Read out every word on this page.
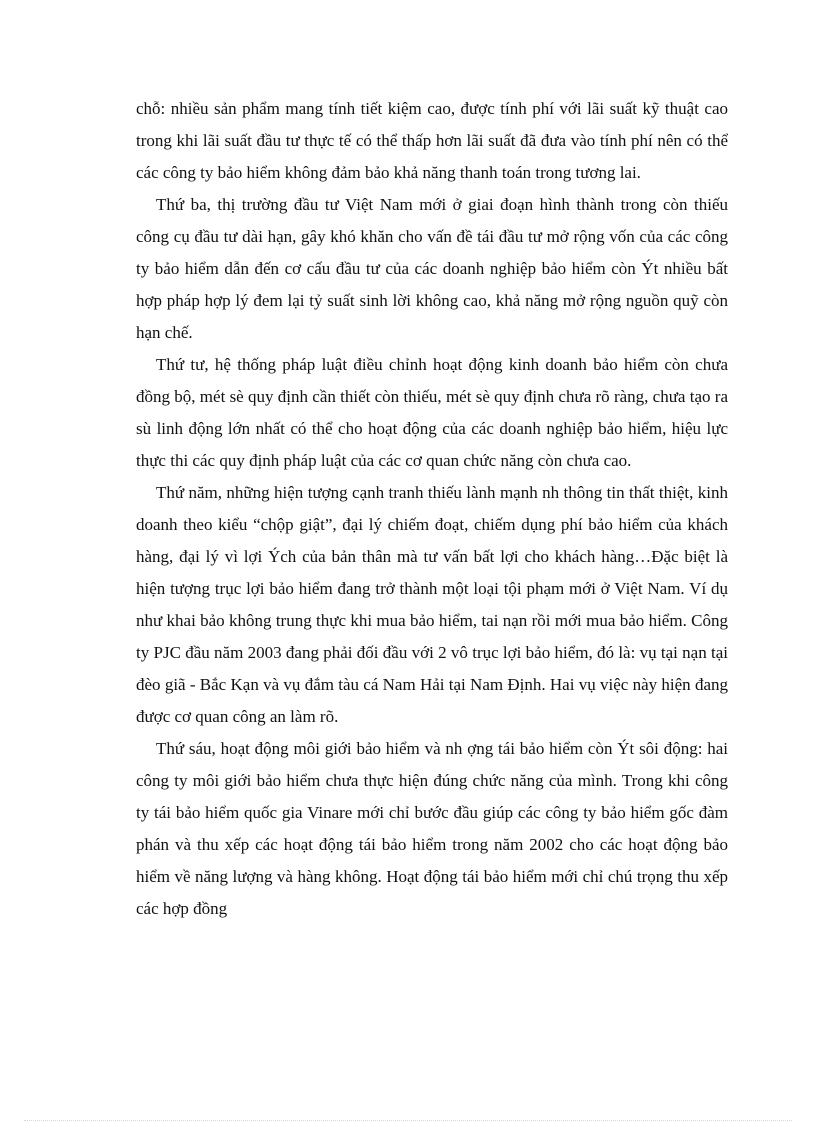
chỗ: nhiều sản phẩm mang tính tiết kiệm cao, được tính phí với lãi suất kỹ thuật cao trong khi lãi suất đầu tư thực tế có thể thấp hơn lãi suất đã đưa vào tính phí nên có thể các công ty bảo hiểm không đảm bảo khả năng thanh toán trong tương lai.

Thứ ba, thị trường đầu tư Việt Nam mới ở giai đoạn hình thành trong còn thiếu công cụ đầu tư dài hạn, gây khó khăn cho vấn đề tái đầu tư mở rộng vốn của các công ty bảo hiểm dẫn đến cơ cấu đầu tư của các doanh nghiệp bảo hiểm còn Ýt nhiều bất hợp pháp hợp lý đem lại tỷ suất sinh lời không cao, khả năng mở rộng nguồn quỹ còn hạn chế.

Thứ tư, hệ thống pháp luật điều chỉnh hoạt động kinh doanh bảo hiểm còn chưa đồng bộ, mét sè quy định cần thiết còn thiếu, mét sè quy định chưa rõ ràng, chưa tạo ra sù linh động lớn nhất có thể cho hoạt động của các doanh nghiệp bảo hiểm, hiệu lực thực thi các quy định pháp luật của các cơ quan chức năng còn chưa cao.

Thứ năm, những hiện tượng cạnh tranh thiếu lành mạnh nh thông tin thất thiệt, kinh doanh theo kiểu “chộp giật”, đại lý chiếm đoạt, chiếm dụng phí bảo hiểm của khách hàng, đại lý vì lợi Ých của bản thân mà tư vấn bất lợi cho khách hàng…Đặc biệt là hiện tượng trục lợi bảo hiểm đang trở thành một loại tội phạm mới ở Việt Nam. Ví dụ như khai bảo không trung thực khi mua bảo hiểm, tai nạn rồi mới mua bảo hiểm. Công ty PJC đầu năm 2003 đang phải đối đầu với 2 vô trục lợi bảo hiểm, đó là: vụ tại nạn tại đèo giã - Bắc Kạn và vụ đắm tàu cá Nam Hải tại Nam Định. Hai vụ việc này hiện đang được cơ quan công an làm rõ.

Thứ sáu, hoạt động môi giới bảo hiểm và nh ợng tái bảo hiểm còn Ýt sôi động: hai công ty môi giới bảo hiểm chưa thực hiện đúng chức năng của mình. Trong khi công ty tái bảo hiểm quốc gia Vinare mới chỉ bước đầu giúp các công ty bảo hiểm gốc đàm phán và thu xếp các hoạt động tái bảo hiểm trong năm 2002 cho các hoạt động bảo hiểm về năng lượng và hàng không. Hoạt động tái bảo hiểm mới chỉ chú trọng thu xếp các hợp đồng
